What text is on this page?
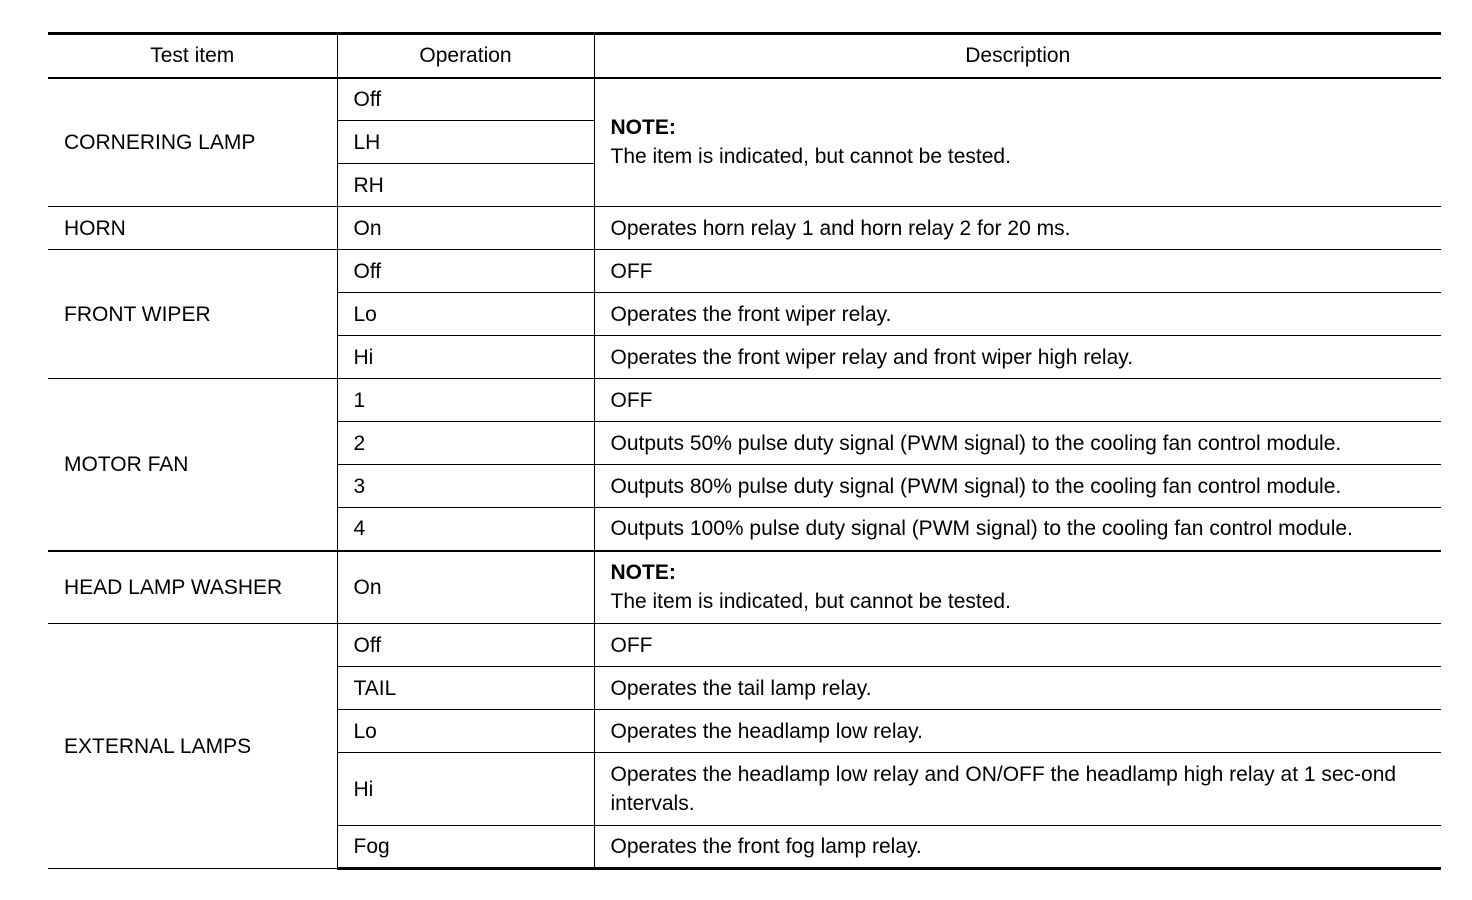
Test item	Operation	Description
CORNERING LAMP	Off	NOTE:
The item is indicated, but cannot be tested.

	LH	
	RH	
HORN	On	Operates horn relay 1 and horn relay 2 for 20 ms.
FRONT WIPER	Off	OFF
	Lo	Operates the front wiper relay.
	Hi	Operates the front wiper relay and front wiper high relay.
MOTOR FAN	1	OFF
	2	Outputs 50% pulse duty signal (PWM signal) to the cooling fan control module.
	3	Outputs 80% pulse duty signal (PWM signal) to the cooling fan control module.
	4	Outputs 100% pulse duty signal (PWM signal) to the cooling fan control module.
HEAD LAMP WASHER	On	NOTE:
The item is indicated, but cannot be tested.

EXTERNAL LAMPS	Off	OFF
	TAIL	Operates the tail lamp relay.
	Lo	Operates the headlamp low relay.
	Hi	Operates the headlamp low relay and ON/OFF the headlamp high relay at 1 sec-ond intervals.
	Fog	Operates the front fog lamp relay.
